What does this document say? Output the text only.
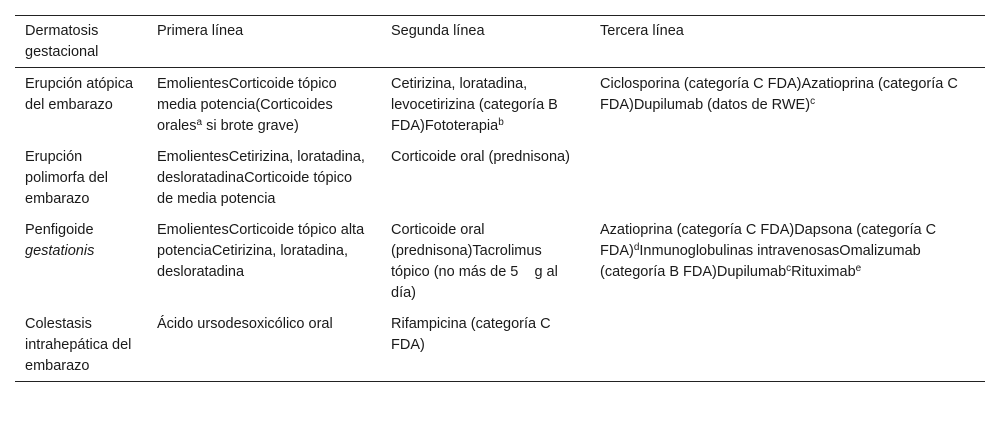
Dermatosis gestacional	Primera línea	Segunda línea	Tercera línea
Erupción atópica del embarazo	EmolientesCorticoide tópico media potencia(Corticoides orales$^a$ si brote grave)	Cetirizina, loratadina, levocetirizina (categoría B FDA)Fototerapia$^b$	Ciclosporina (categoría C FDA)Azatioprina (categoría C FDA)Dupilumab (datos de RWE)$^c$
Erupción polimorfa del embarazo	EmolientesCetirizina, loratadina, desloratadinaCorticoide tópico de media potencia	Corticoide oral (prednisona)	
Penfigoide gestationis	EmolientesCorticoide tópico alta potenciaCetirizina, loratadina, desloratadina	Corticoide oral (prednisona)Tacrolimus tópico (no más de 5    g al día)	Azatioprina (categoría C FDA)Dapsona (categoría C FDA)$^d$Inmunoglobulinas intravenosasOmalizumab (categoría B FDA)Dupilumab$^c$Rituximab$^e$
Colestasis intrahepática del embarazo	Ácido ursodesoxicólico oral	Rifampicina (categoría C FDA)	
